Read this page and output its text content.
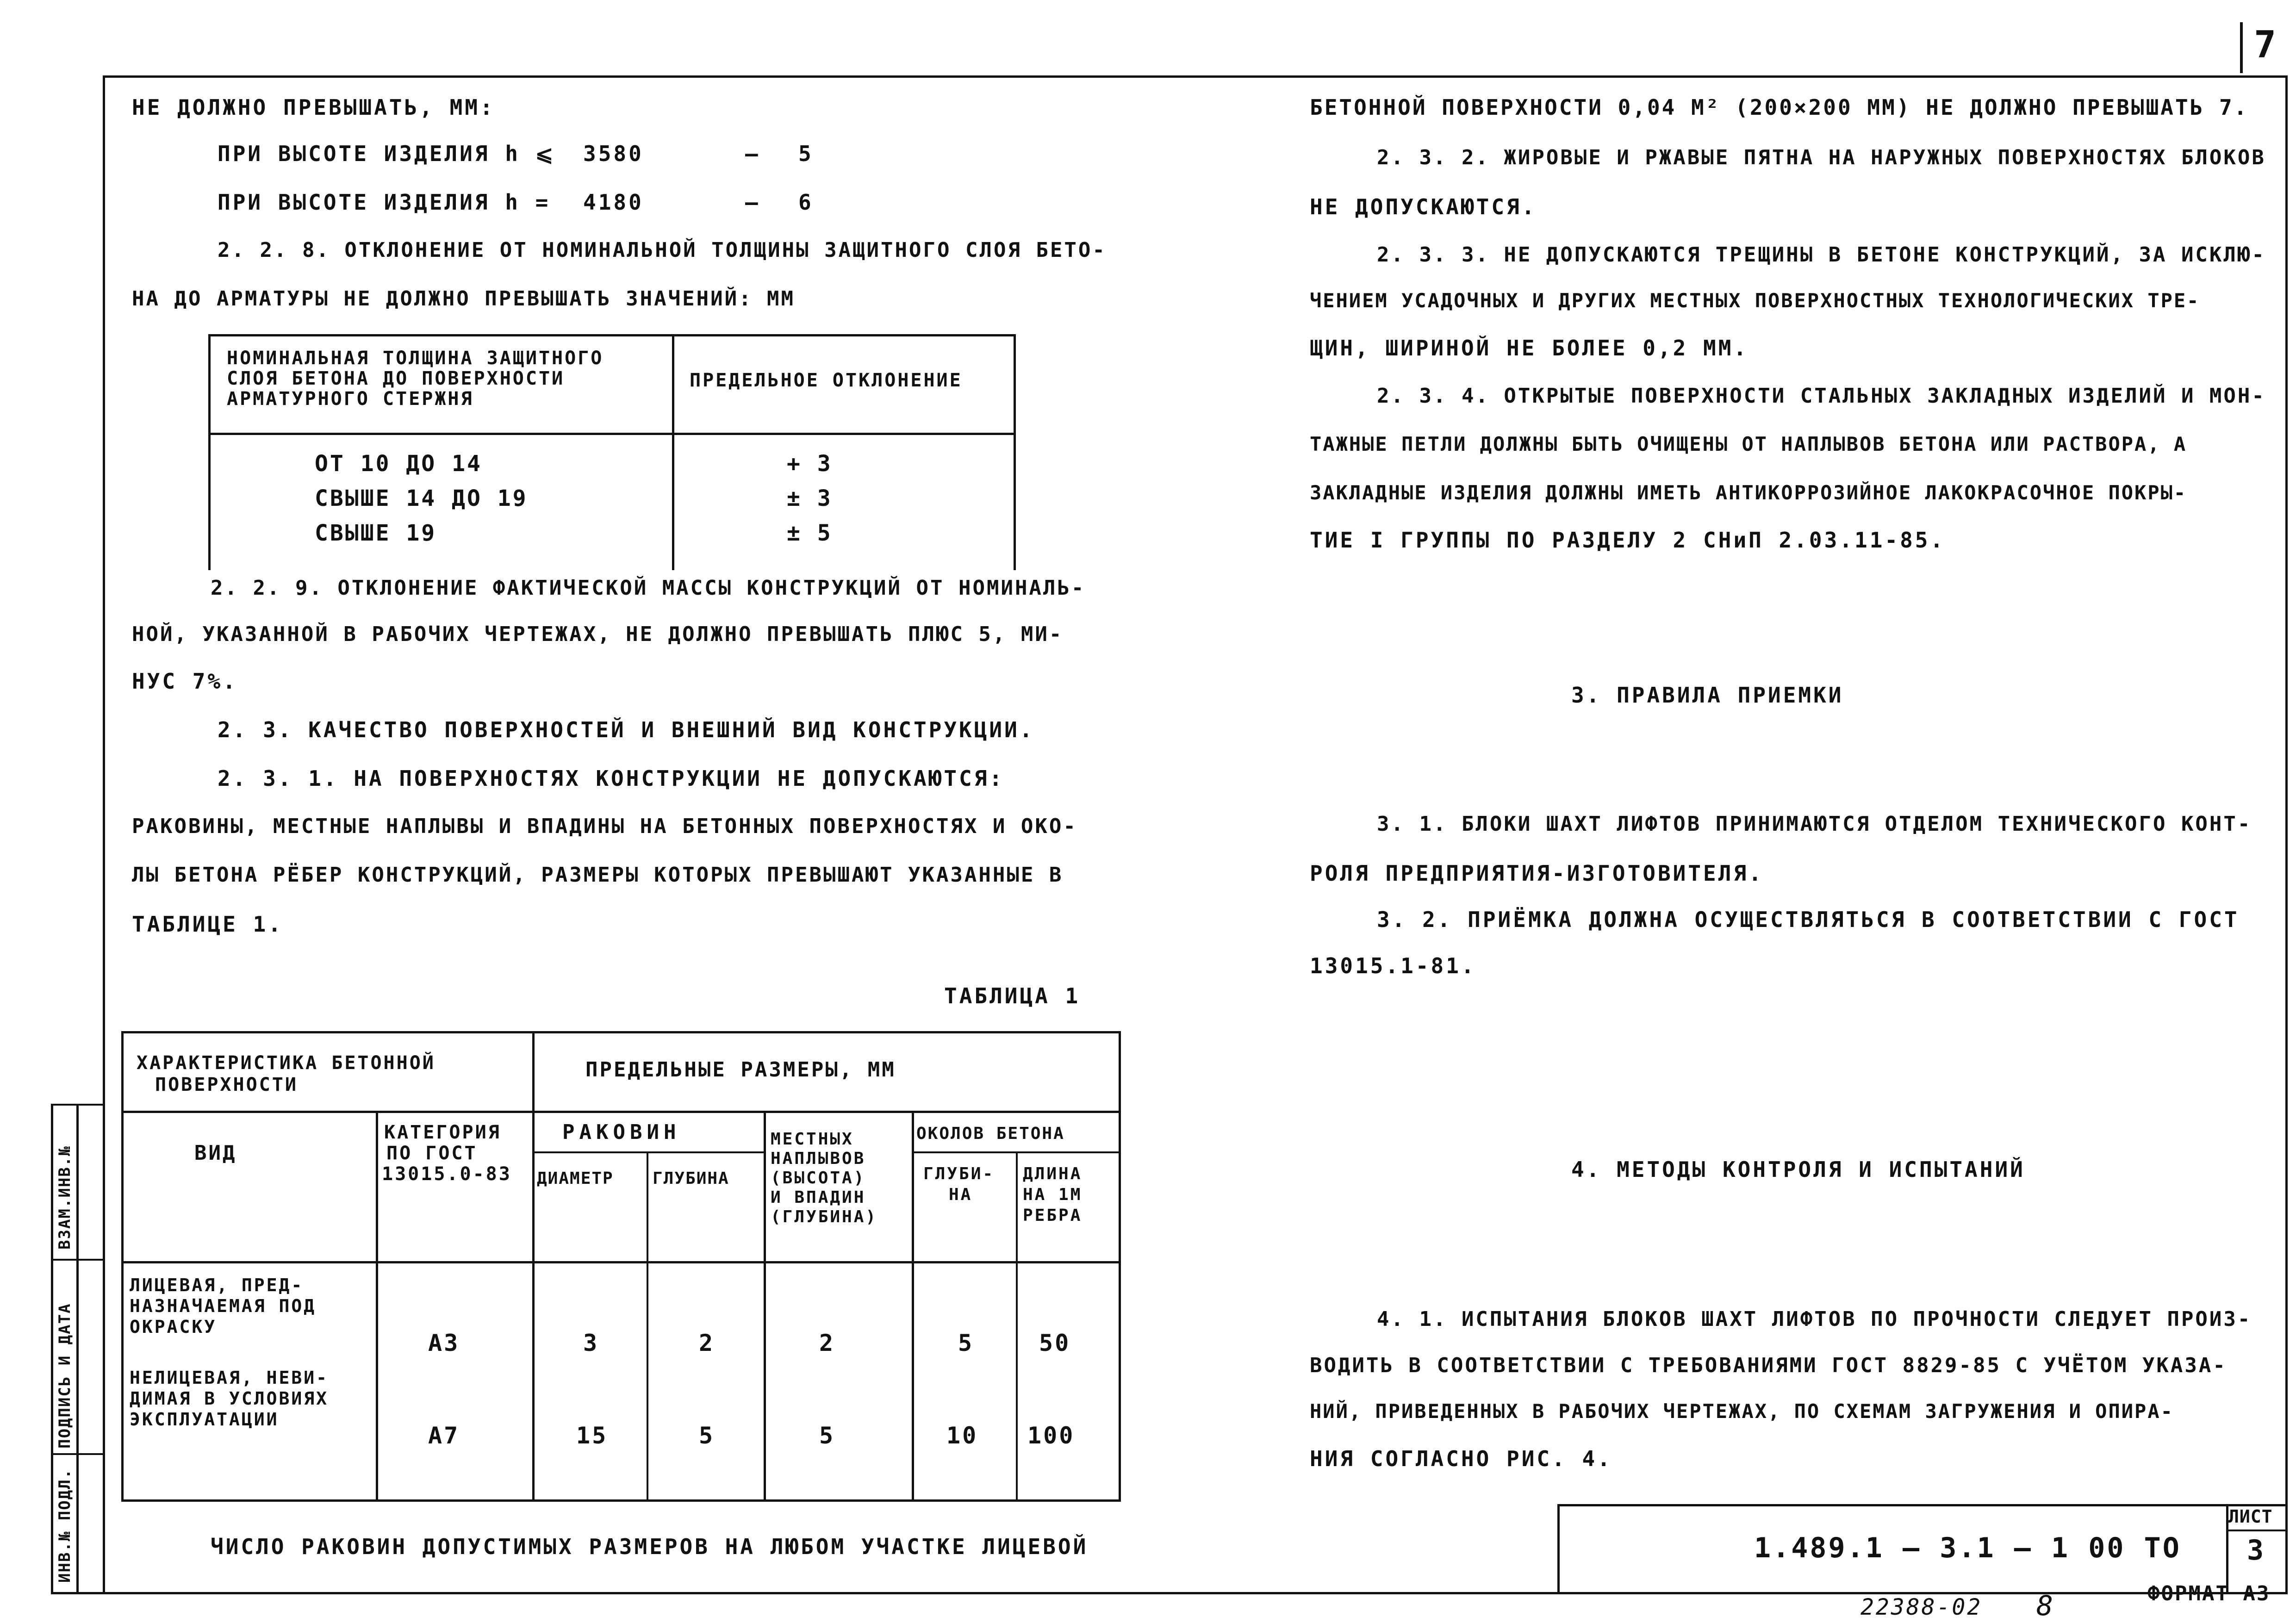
7
ИНВ.№ ПОДЛ.
ПОДПИСЬ И ДАТА
ВЗАМ.ИНВ.№
НЕ ДОЛЖНО ПРЕВЫШАТЬ, ММ:
ПРИ ВЫСОТЕ ИЗДЕЛИЯ h ⩽ 3580	– 5
ПРИ ВЫСОТЕ ИЗДЕЛИЯ h = 4180	– 6
2. 2. 8. ОТКЛОНЕНИЕ ОТ НОМИНАЛЬНОЙ ТОЛЩИНЫ ЗАЩИТНОГО СЛОЯ БЕТО-
НА ДО АРМАТУРЫ НЕ ДОЛЖНО ПРЕВЫШАТЬ ЗНАЧЕНИЙ: ММ
НОМИНАЛЬНАЯ ТОЛЩИНА ЗАЩИТНОГО
СЛОЯ БЕТОНА ДО ПОВЕРХНОСТИ
АРМАТУРНОГО СТЕРЖНЯ
ПРЕДЕЛЬНОЕ ОТКЛОНЕНИЕ
ОТ 10 ДО 14	+ 3
СВЫШЕ 14 ДО 19	± 3
СВЫШЕ 19	± 5
2. 2. 9. ОТКЛОНЕНИЕ ФАКТИЧЕСКОЙ МАССЫ КОНСТРУКЦИЙ ОТ НОМИНАЛЬ-
НОЙ, УКАЗАННОЙ В РАБОЧИХ ЧЕРТЕЖАХ, НЕ ДОЛЖНО ПРЕВЫШАТЬ ПЛЮС 5, МИ-
НУС 7%.
2. 3. КАЧЕСТВО ПОВЕРХНОСТЕЙ И ВНЕШНИЙ ВИД КОНСТРУКЦИИ.
2. 3. 1. НА ПОВЕРХНОСТЯХ КОНСТРУКЦИИ НЕ ДОПУСКАЮТСЯ:
РАКОВИНЫ, МЕСТНЫЕ НАПЛЫВЫ И ВПАДИНЫ НА БЕТОННЫХ ПОВЕРХНОСТЯХ И ОКО-
ЛЫ БЕТОНА РЁБЕР КОНСТРУКЦИЙ, РАЗМЕРЫ КОТОРЫХ ПРЕВЫШАЮТ УКАЗАННЫЕ В
ТАБЛИЦЕ 1.
ТАБЛИЦА 1
ХАРАКТЕРИСТИКА БЕТОННОЙ
ПОВЕРХНОСТИ
ПРЕДЕЛЬНЫЕ РАЗМЕРЫ, ММ
ВИД
КАТЕГОРИЯ
ПО ГОСТ
13015.0-83
РАКОВИН
ДИАМЕТР ГЛУБИНА
МЕСТНЫХ
НАПЛЫВОВ
(ВЫСОТА)
И ВПАДИН
(ГЛУБИНА)
ОКОЛОВ БЕТОНА
ГЛУБИ-
НА
ДЛИНА
НА 1М
РЕБРА
ЛИЦЕВАЯ, ПРЕД-
НАЗНАЧАЕМАЯ ПОД
ОКРАСКУ
А3	3	2	2	5	50
НЕЛИЦЕВАЯ, НЕВИ-
ДИМАЯ В УСЛОВИЯХ
ЭКСПЛУАТАЦИИ
А7	15	5	5	10 100
ЧИСЛО РАКОВИН ДОПУСТИМЫХ РАЗМЕРОВ НА ЛЮБОМ УЧАСТКЕ ЛИЦЕВОЙ
БЕТОННОЙ ПОВЕРХНОСТИ 0,04 М² (200×200 ММ) НЕ ДОЛЖНО ПРЕВЫШАТЬ 7.
2. 3. 2. ЖИРОВЫЕ И РЖАВЫЕ ПЯТНА НА НАРУЖНЫХ ПОВЕРХНОСТЯХ БЛОКОВ
НЕ ДОПУСКАЮТСЯ.
2. 3. 3. НЕ ДОПУСКАЮТСЯ ТРЕЩИНЫ В БЕТОНЕ КОНСТРУКЦИЙ, ЗА ИСКЛЮ-
ЧЕНИЕМ УСАДОЧНЫХ И ДРУГИХ МЕСТНЫХ ПОВЕРХНОСТНЫХ ТЕХНОЛОГИЧЕСКИХ ТРЕ-
ЩИН, ШИРИНОЙ НЕ БОЛЕЕ 0,2 ММ.
2. 3. 4. ОТКРЫТЫЕ ПОВЕРХНОСТИ СТАЛЬНЫХ ЗАКЛАДНЫХ ИЗДЕЛИЙ И МОН-
ТАЖНЫЕ ПЕТЛИ ДОЛЖНЫ БЫТЬ ОЧИЩЕНЫ ОТ НАПЛЫВОВ БЕТОНА ИЛИ РАСТВОРА, А
ЗАКЛАДНЫЕ ИЗДЕЛИЯ ДОЛЖНЫ ИМЕТЬ АНТИКОРРОЗИЙНОЕ ЛАКОКРАСОЧНОЕ ПОКРЫ-
ТИЕ I ГРУППЫ ПО РАЗДЕЛУ 2 СНиП 2.03.11-85.
3. ПРАВИЛА ПРИЕМКИ
3. 1. БЛОКИ ШАХТ ЛИФТОВ ПРИНИМАЮТСЯ ОТДЕЛОМ ТЕХНИЧЕСКОГО КОНТ-
РОЛЯ ПРЕДПРИЯТИЯ-ИЗГОТОВИТЕЛЯ.
3. 2. ПРИЁМКА ДОЛЖНА ОСУЩЕСТВЛЯТЬСЯ В СООТВЕТСТВИИ С ГОСТ
13015.1-81.
4. МЕТОДЫ КОНТРОЛЯ И ИСПЫТАНИЙ
4. 1. ИСПЫТАНИЯ БЛОКОВ ШАХТ ЛИФТОВ ПО ПРОЧНОСТИ СЛЕДУЕТ ПРОИЗ-
ВОДИТЬ В СООТВЕТСТВИИ С ТРЕБОВАНИЯМИ ГОСТ 8829-85 С УЧЁТОМ УКАЗА-
НИЙ, ПРИВЕДЕННЫХ В РАБОЧИХ ЧЕРТЕЖАХ, ПО СХЕМАМ ЗАГРУЖЕНИЯ И ОПИРА-
НИЯ СОГЛАСНО РИС. 4.
1.489.1 – 3.1 – 1 00 ТО
ЛИСТ
3
22388-02 8	ФОРМАТ А3
